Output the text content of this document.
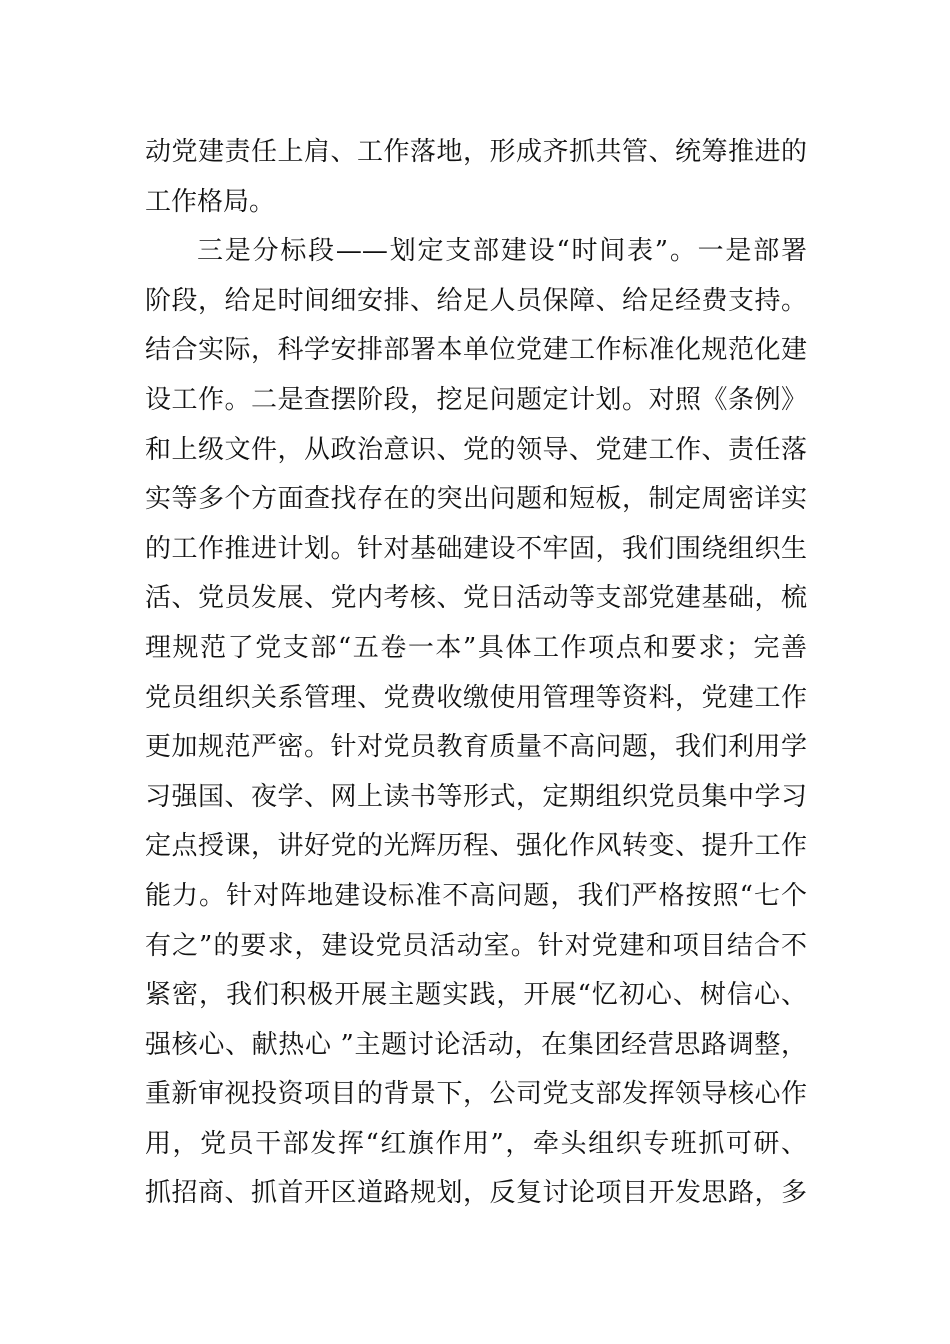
动党建责任上肩、工作落地，形成齐抓共管、统筹推进的
工作格局。
三是分标段——划定支部建设“时间表”。一是部署
阶段，给足时间细安排、给足人员保障、给足经费支持。
结合实际，科学安排部署本单位党建工作标准化规范化建
设工作。二是查摆阶段，挖足问题定计划。对照《条例》
和上级文件，从政治意识、党的领导、党建工作、责任落
实等多个方面查找存在的突出问题和短板，制定周密详实
的工作推进计划。针对基础建设不牢固，我们围绕组织生
活、党员发展、党内考核、党日活动等支部党建基础，梳
理规范了党支部“五卷一本”具体工作项点和要求；完善
党员组织关系管理、党费收缴使用管理等资料，党建工作
更加规范严密。针对党员教育质量不高问题，我们利用学
习强国、夜学、网上读书等形式，定期组织党员集中学习
定点授课，讲好党的光辉历程、强化作风转变、提升工作
能力。针对阵地建设标准不高问题，我们严格按照“七个
有之”的要求，建设党员活动室。针对党建和项目结合不
紧密，我们积极开展主题实践，开展“忆初心、树信心、
强核心、献热心 ”主题讨论活动，在集团经营思路调整，
重新审视投资项目的背景下，公司党支部发挥领导核心作
用，党员干部发挥“红旗作用”，牵头组织专班抓可研、
抓招商、抓首开区道路规划，反复讨论项目开发思路，多
